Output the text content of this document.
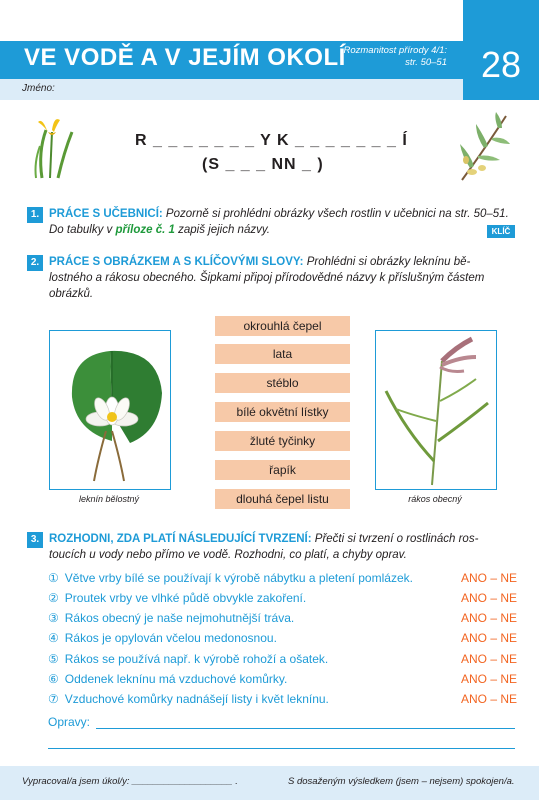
VE VODĚ A V JEJÍM OKOLÍ
Rozmanitost přírody 4/1:
str. 50–51 28
Jméno:
R _ _ _ _ _ _ _ Y K _ _ _ _ _ _ _ Í
(S _ _ _ NN _ )
1. PRÁCE S UČEBNICÍ: Pozorně si prohlédni obrázky všech rostlin v učebnici na str. 50–51.
Do tabulky v příloze č. 1 zapiš jejich názvy.	KLÍČ
2. PRÁCE S OBRÁZKEM A S KLÍČOVÝMI SLOVY: Prohlédni si obrázky leknínu bě-
lostného a rákosu obecného. Šipkami připoj přírodovědné názvy k příslušným částem
obrázků.
leknín bělostný	rákos obecný
okrouhlá čepel
lata
stéblo
bílé okvětní lístky
žluté tyčinky
řapík
dlouhá čepel listu
3. ROZHODNI, ZDA PLATÍ NÁSLEDUJÍCÍ TVRZENÍ: Přečti si tvrzení o rostlinách ros-
toucích u vody nebo přímo ve vodě. Rozhodni, co platí, a chyby oprav.
① Větve vrby bílé se používají k výrobě nábytku a pletení pomlázek.	ANO – NE
② Proutek vrby ve vlhké půdě obvykle zakoření.	ANO – NE
③ Rákos obecný je naše nejmohutnější tráva.	ANO – NE
④ Rákos je opylován včelou medonosnou.	ANO – NE
⑤ Rákos se používá např. k výrobě rohoží a ošatek.	ANO – NE
⑥ Oddenek leknínu má vzduchové komůrky.	ANO – NE
⑦ Vzduchové komůrky nadnášejí listy i květ leknínu.	ANO – NE
Opravy:
Vypracoval/a jsem úkol/y: ___________________ .	S dosaženým výsledkem (jsem – nejsem) spokojen/a.
